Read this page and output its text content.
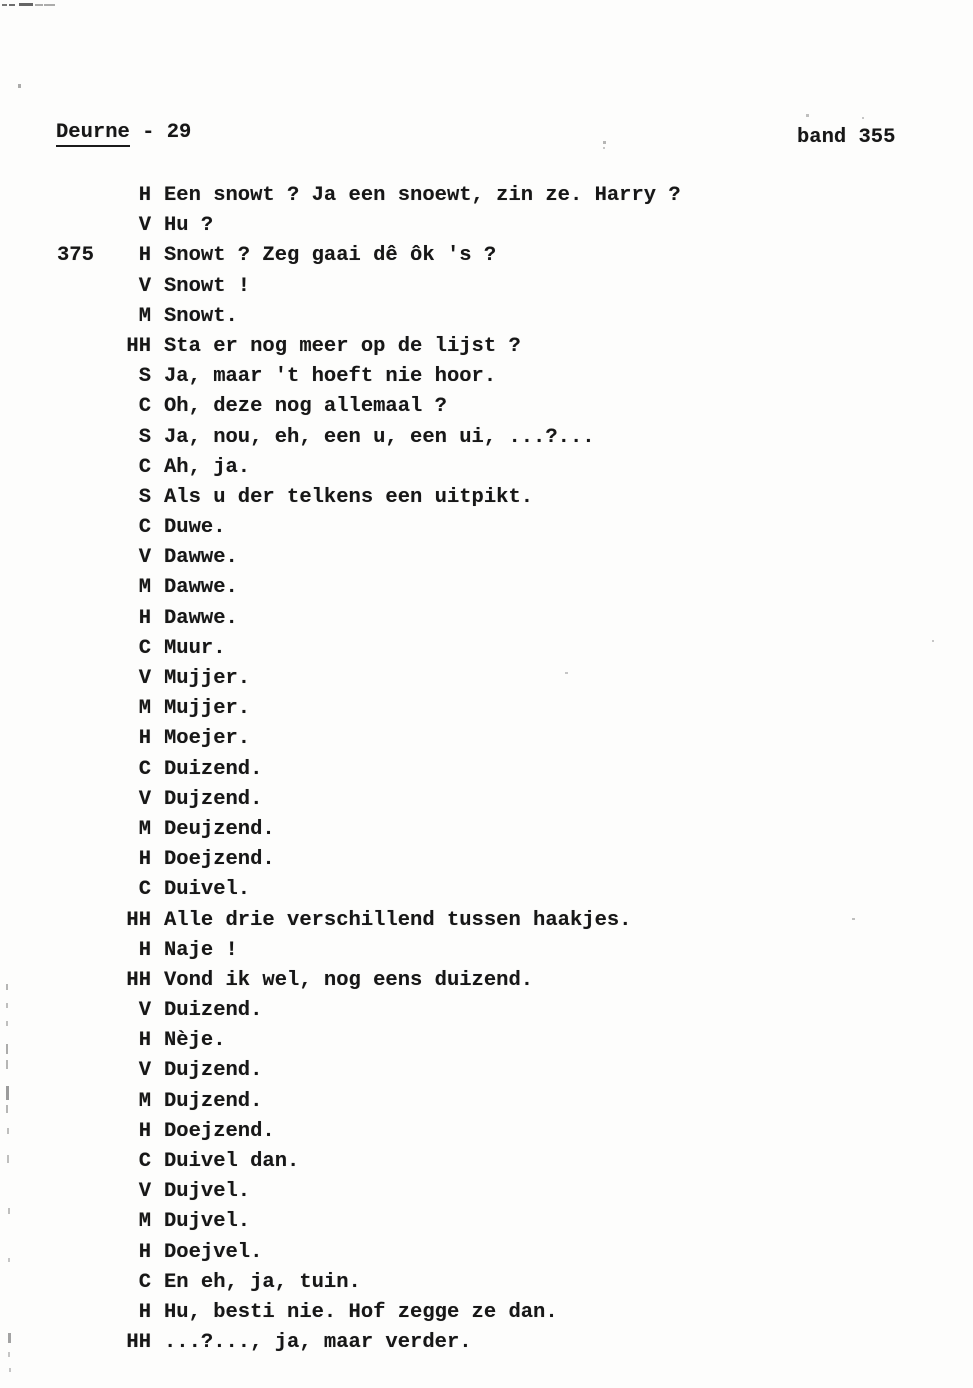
Deurne - 29	band 355
H Een snowt ? Ja een snoewt, zin ze. Harry ?
V Hu ?
375 H Snowt ? Zeg gaai dê ôk 's ?
V Snowt !
M Snowt.
HH Sta er nog meer op de lijst ?
S Ja, maar 't hoeft nie hoor.
C Oh, deze nog allemaal ?
S Ja, nou, eh, een u, een ui, ...?...
C Ah, ja.
S Als u der telkens een uitpikt.
C Duwe.
V Dawwe.
M Dawwe.
H Dawwe.
C Muur.
V Mujjer.
M Mujjer.
H Moejer.
C Duizend.
V Dujzend.
M Deujzend.
H Doejzend.
C Duivel.
HH Alle drie verschillend tussen haakjes.
H Naje !
HH Vond ik wel, nog eens duizend.
V Duizend.
H Nèje.
V Dujzend.
M Dujzend.
H Doejzend.
C Duivel dan.
V Dujvel.
M Dujvel.
H Doejvel.
C En eh, ja, tuin.
H Hu, besti nie. Hof zegge ze dan.
HH ...?..., ja, maar verder.
